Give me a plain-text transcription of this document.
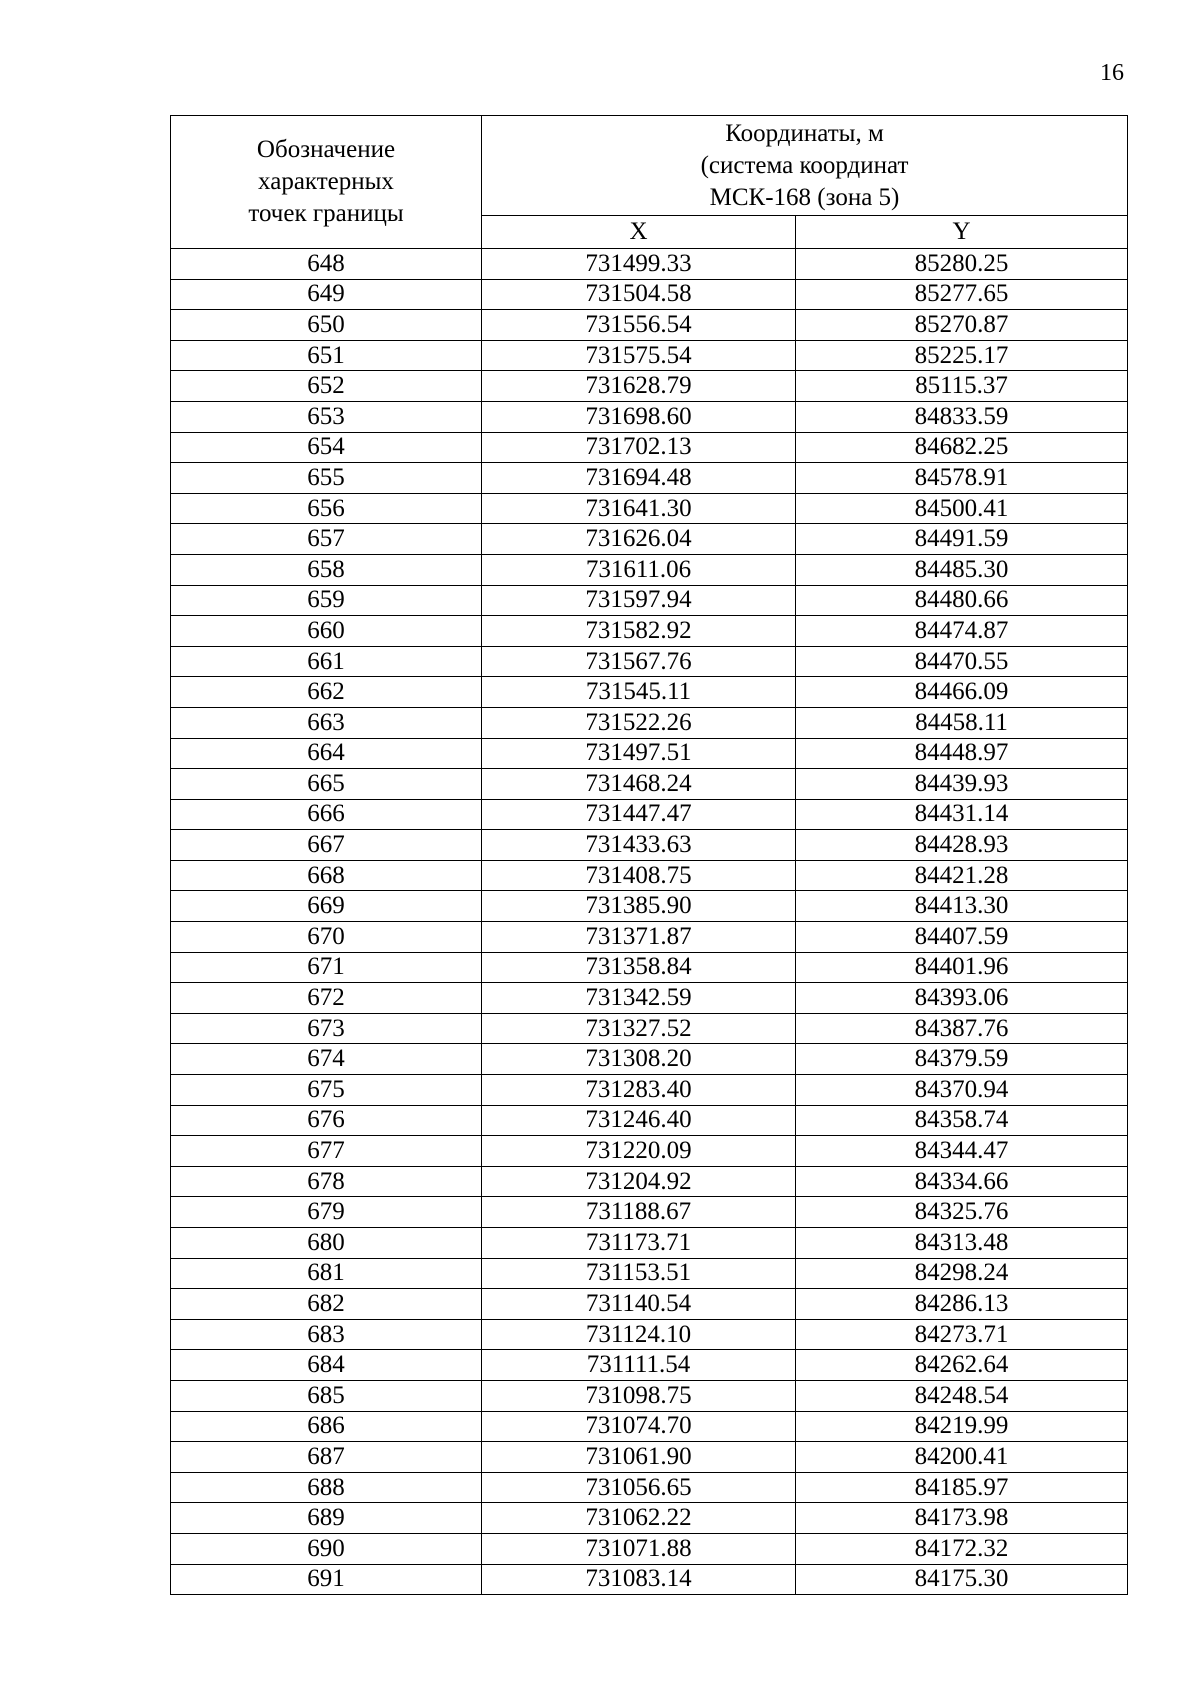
16
Обозначение
характерных
точек границы	Координаты, м
(система координат
МСК-168 (зона 5)	

	X	Y
648	731499.33	85280.25
649	731504.58	85277.65
650	731556.54	85270.87
651	731575.54	85225.17
652	731628.79	85115.37
653	731698.60	84833.59
654	731702.13	84682.25
655	731694.48	84578.91
656	731641.30	84500.41
657	731626.04	84491.59
658	731611.06	84485.30
659	731597.94	84480.66
660	731582.92	84474.87
661	731567.76	84470.55
662	731545.11	84466.09
663	731522.26	84458.11
664	731497.51	84448.97
665	731468.24	84439.93
666	731447.47	84431.14
667	731433.63	84428.93
668	731408.75	84421.28
669	731385.90	84413.30
670	731371.87	84407.59
671	731358.84	84401.96
672	731342.59	84393.06
673	731327.52	84387.76
674	731308.20	84379.59
675	731283.40	84370.94
676	731246.40	84358.74
677	731220.09	84344.47
678	731204.92	84334.66
679	731188.67	84325.76
680	731173.71	84313.48
681	731153.51	84298.24
682	731140.54	84286.13
683	731124.10	84273.71
684	731111.54	84262.64
685	731098.75	84248.54
686	731074.70	84219.99
687	731061.90	84200.41
688	731056.65	84185.97
689	731062.22	84173.98
690	731071.88	84172.32
691	731083.14	84175.30
